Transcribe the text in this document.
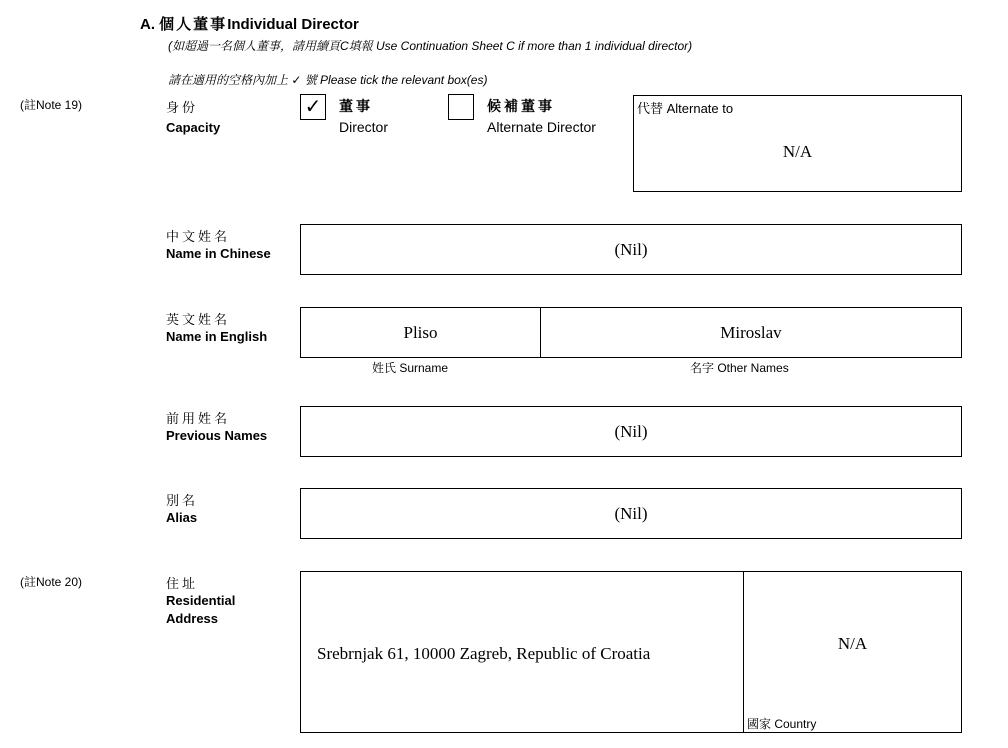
A. 個人董事Individual Director
(如超過一名個人董事，請用續頁C填報 Use Continuation Sheet C if more than 1 individual director)
請在適用的空格內加上 ✓ 號 Please tick the relevant box(es)
(註Note 19)
(註Note 20)
身份
Capacity
✓ 董事
Director
候補董事
Alternate Director
代替 Alternate to
N/A
中文姓名
Name in Chinese	(Nil)
英文姓名
Name in English	Pliso	Miroslav
姓氏 Surname	名字 Other Names
前用姓名
Previous Names	(Nil)
別名
Alias	(Nil)
住址
Residential
Address
Srebrnjak 61, 10000 Zagreb, Republic of Croatia
N/A
國家 Country
